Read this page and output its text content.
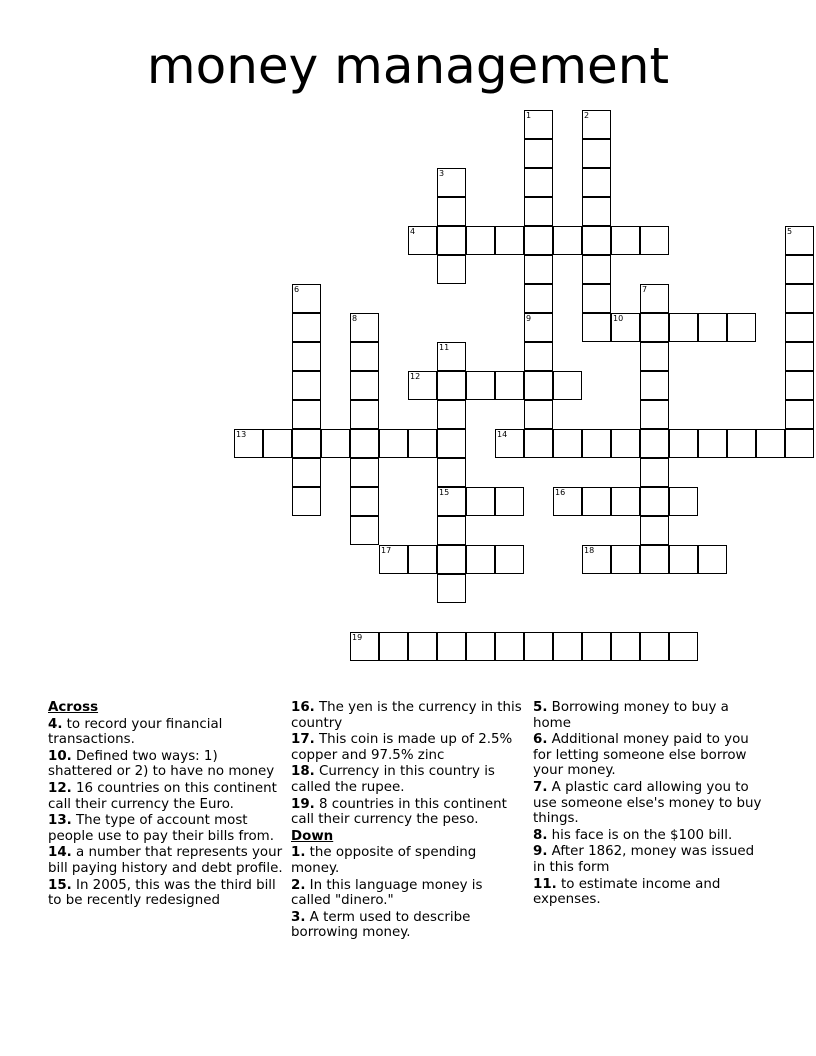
money management
1	2
3
4	5
6	7
8	9	10
11
15
12
13	14
16
17	18
19
Across
4. to record your financial transactions.
10. Defined two ways: 1) shattered or 2) to have no money
12. 16 countries on this continent call their currency the Euro.
13. The type of account most people use to pay their bills from.
14. a number that represents your bill paying history and debt profile.
15. In 2005, this was the third bill to be recently redesigned
16. The yen is the currency in this country
17. This coin is made up of 2.5% copper and 97.5% zinc
18. Currency in this country is called the rupee.
19. 8 countries in this continent call their currency the peso.
Down
1. the opposite of spending money.
2. In this language money is called "dinero."
3. A term used to describe borrowing money.
5. Borrowing money to buy a home
6. Additional money paid to you for letting someone else borrow your money.
7. A plastic card allowing you to use someone else's money to buy things.
8. his face is on the $100 bill.
9. After 1862, money was issued in this form
11. to estimate income and expenses.
